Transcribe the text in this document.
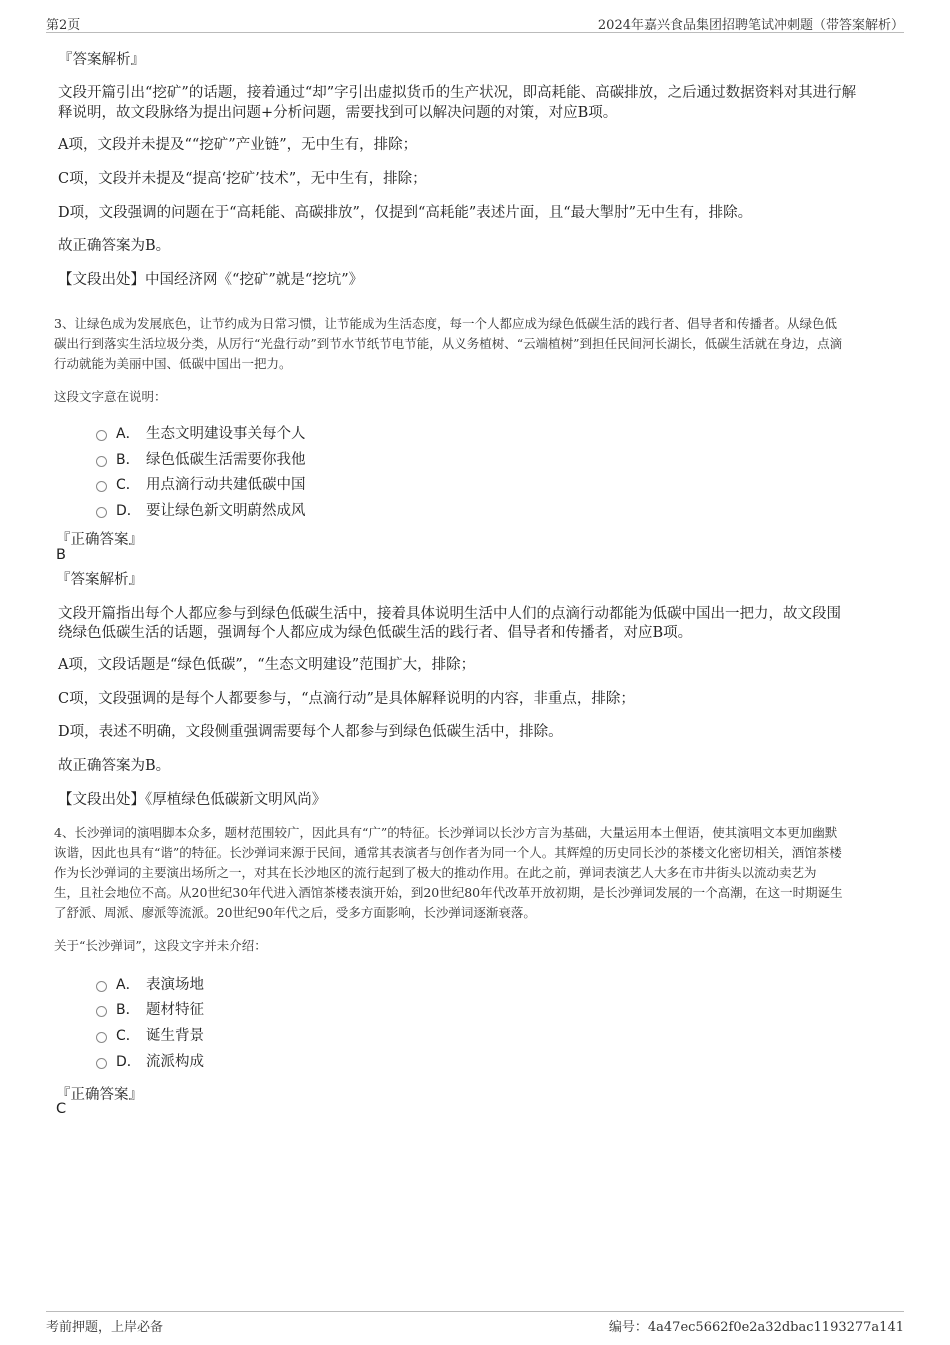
第2页	2024年嘉兴食品集团招聘笔试冲刺题（带答案解析）
『答案解析』
文段开篇引出“挖矿”的话题，接着通过“却”字引出虚拟货币的生产状况，即高耗能、高碳排放，之后通过数据资料对其进行解
释说明，故文段脉络为提出问题+分析问题，需要找到可以解决问题的对策，对应B项。
A项，文段并未提及““挖矿”产业链”，无中生有，排除；
C项，文段并未提及“提高‘挖矿’技术”，无中生有，排除；
D项，文段强调的问题在于“高耗能、高碳排放”，仅提到“高耗能”表述片面，且“最大掣肘”无中生有，排除。
故正确答案为B。
【文段出处】中国经济网《“挖矿”就是“挖坑”》
3、让绿色成为发展底色，让节约成为日常习惯，让节能成为生活态度，每一个人都应成为绿色低碳生活的践行者、倡导者和传播者。从绿色低
碳出行到落实生活垃圾分类，从厉行“光盘行动”到节水节纸节电节能，从义务植树、“云端植树”到担任民间河长湖长，低碳生活就在身边，点滴
行动就能为美丽中国、低碳中国出一把力。
这段文字意在说明：
A． 生态文明建设事关每个人
B． 绿色低碳生活需要你我他
C． 用点滴行动共建低碳中国
D． 要让绿色新文明蔚然成风
『正确答案』
B
『答案解析』
文段开篇指出每个人都应参与到绿色低碳生活中，接着具体说明生活中人们的点滴行动都能为低碳中国出一把力，故文段围
绕绿色低碳生活的话题，强调每个人都应成为绿色低碳生活的践行者、倡导者和传播者，对应B项。
A项，文段话题是“绿色低碳”，“生态文明建设”范围扩大，排除；
C项，文段强调的是每个人都要参与，“点滴行动”是具体解释说明的内容，非重点，排除；
D项，表述不明确，文段侧重强调需要每个人都参与到绿色低碳生活中，排除。
故正确答案为B。
【文段出处】《厚植绿色低碳新文明风尚》
4、长沙弹词的演唱脚本众多，题材范围较广，因此具有“广”的特征。长沙弹词以长沙方言为基础，大量运用本土俚语，使其演唱文本更加幽默
诙谐，因此也具有“谐”的特征。长沙弹词来源于民间，通常其表演者与创作者为同一个人。其辉煌的历史同长沙的茶楼文化密切相关，酒馆茶楼
作为长沙弹词的主要演出场所之一，对其在长沙地区的流行起到了极大的推动作用。在此之前，弹词表演艺人大多在市井街头以流动卖艺为
生，且社会地位不高。从20世纪30年代进入酒馆茶楼表演开始，到20世纪80年代改革开放初期，是长沙弹词发展的一个高潮，在这一时期诞生
了舒派、周派、廖派等流派。20世纪90年代之后，受多方面影响，长沙弹词逐渐衰落。
关于“长沙弹词”，这段文字并未介绍：
A． 表演场地
B． 题材特征
C． 诞生背景
D． 流派构成
『正确答案』
C
考前押题，上岸必备	编号：4a47ec5662f0e2a32dbac1193277a141
